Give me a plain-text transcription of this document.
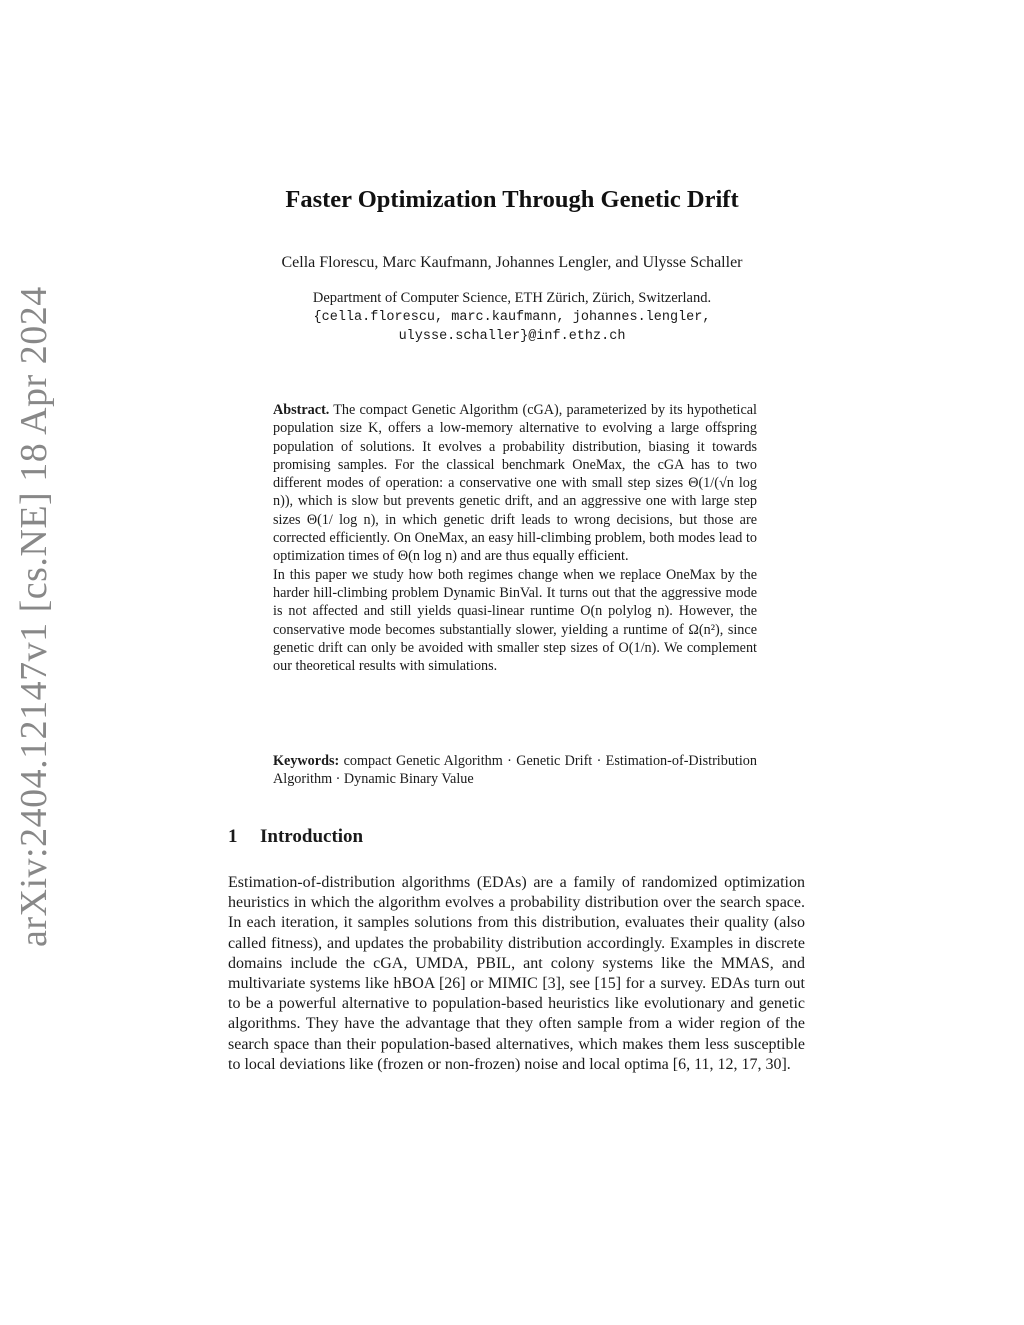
arXiv:2404.12147v1 [cs.NE] 18 Apr 2024
Faster Optimization Through Genetic Drift
Cella Florescu, Marc Kaufmann, Johannes Lengler, and Ulysse Schaller
Department of Computer Science, ETH Zürich, Zürich, Switzerland.
{cella.florescu, marc.kaufmann, johannes.lengler,
ulysse.schaller}@inf.ethz.ch

Abstract. The compact Genetic Algorithm (cGA), parameterized by its hypothetical population size K, offers a low-memory alternative to evolving a large offspring population of solutions. It evolves a probability distribution, biasing it towards promising samples. For the classical benchmark OneMax, the cGA has to two different modes of operation: a conservative one with small step sizes Θ(1/(√n log n)), which is slow but prevents genetic drift, and an aggressive one with large step sizes Θ(1/ log n), in which genetic drift leads to wrong decisions, but those are corrected efficiently. On OneMax, an easy hill-climbing problem, both modes lead to optimization times of Θ(n log n) and are thus equally efficient.

In this paper we study how both regimes change when we replace OneMax by the harder hill-climbing problem Dynamic BinVal. It turns out that the aggressive mode is not affected and still yields quasi-linear runtime O(n polylog n). However, the conservative mode becomes substantially slower, yielding a runtime of Ω(n²), since genetic drift can only be avoided with smaller step sizes of O(1/n). We complement our theoretical results with simulations.

Keywords: compact Genetic Algorithm · Genetic Drift · Estimation-of-Distribution Algorithm · Dynamic Binary Value
1 Introduction

Estimation-of-distribution algorithms (EDAs) are a family of randomized optimization heuristics in which the algorithm evolves a probability distribution over the search space. In each iteration, it samples solutions from this distribution, evaluates their quality (also called fitness), and updates the probability distribution accordingly. Examples in discrete domains include the cGA, UMDA, PBIL, ant colony systems like the MMAS, and multivariate systems like hBOA [26] or MIMIC [3], see [15] for a survey. EDAs turn out to be a powerful alternative to population-based heuristics like evolutionary and genetic algorithms. They have the advantage that they often sample from a wider region of the search space than their population-based alternatives, which makes them less susceptible to local deviations like (frozen or non-frozen) noise and local optima [6, 11, 12, 17, 30].
